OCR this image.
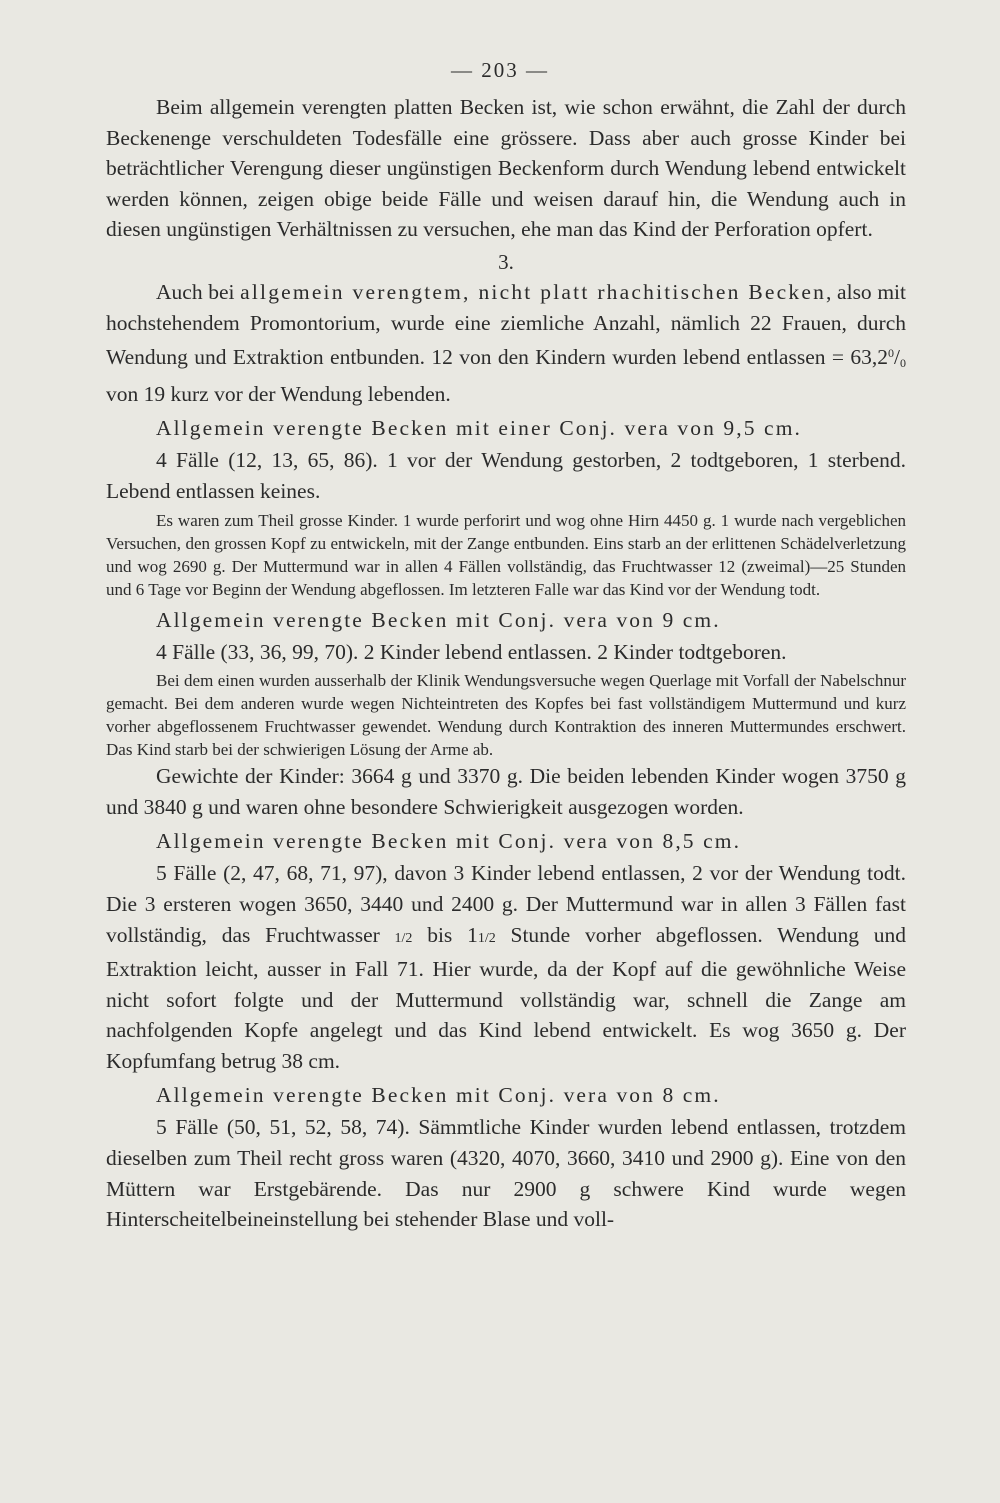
— 203 —

Beim allgemein verengten platten Becken ist, wie schon erwähnt, die Zahl der durch Beckenenge verschuldeten Todesfälle eine grössere. Dass aber auch grosse Kinder bei beträchtlicher Verengung dieser ungünstigen Beckenform durch Wendung lebend entwickelt werden können, zeigen obige beide Fälle und weisen darauf hin, die Wendung auch in diesen ungünstigen Verhältnissen zu versuchen, ehe man das Kind der Perforation opfert.

3.

Auch bei allgemein verengtem, nicht platt rhachitischen Becken, also mit hochstehendem Promontorium, wurde eine ziemliche Anzahl, nämlich 22 Frauen, durch Wendung und Extraktion entbunden. 12 von den Kindern wurden lebend entlassen = $63,2^0/_0$ von 19 kurz vor der Wendung lebenden.

Allgemein verengte Becken mit einer Conj. vera von 9,5 cm.

4 Fälle (12, 13, 65, 86). 1 vor der Wendung gestorben, 2 todtgeboren, 1 sterbend. Lebend entlassen keines.

Es waren zum Theil grosse Kinder. 1 wurde perforirt und wog ohne Hirn 4450 g. 1 wurde nach vergeblichen Versuchen, den grossen Kopf zu entwickeln, mit der Zange entbunden. Eins starb an der erlittenen Schädelverletzung und wog 2690 g. Der Muttermund war in allen 4 Fällen vollständig, das Fruchtwasser 12 (zweimal)—25 Stunden und 6 Tage vor Beginn der Wendung abgeflossen. Im letzteren Falle war das Kind vor der Wendung todt.

Allgemein verengte Becken mit Conj. vera von 9 cm.

4 Fälle (33, 36, 99, 70). 2 Kinder lebend entlassen. 2 Kinder todtgeboren.

Bei dem einen wurden ausserhalb der Klinik Wendungsversuche wegen Querlage mit Vorfall der Nabelschnur gemacht. Bei dem anderen wurde wegen Nichteintreten des Kopfes bei fast vollständigem Muttermund und kurz vorher abgeflossenem Fruchtwasser gewendet. Wendung durch Kontraktion des inneren Muttermundes erschwert. Das Kind starb bei der schwierigen Lösung der Arme ab.

Gewichte der Kinder: 3664 g und 3370 g. Die beiden lebenden Kinder wogen 3750 g und 3840 g und waren ohne besondere Schwierigkeit ausgezogen worden.

Allgemein verengte Becken mit Conj. vera von 8,5 cm.

5 Fälle (2, 47, 68, 71, 97), davon 3 Kinder lebend entlassen, 2 vor der Wendung todt. Die 3 ersteren wogen 3650, 3440 und 2400 g. Der Muttermund war in allen 3 Fällen fast vollständig, das Fruchtwasser 1/2 bis 11/2 Stunde vorher abgeflossen. Wendung und Extraktion leicht, ausser in Fall 71. Hier wurde, da der Kopf auf die gewöhnliche Weise nicht sofort folgte und der Muttermund vollständig war, schnell die Zange am nachfolgenden Kopfe angelegt und das Kind lebend entwickelt. Es wog 3650 g. Der Kopfumfang betrug 38 cm.

Allgemein verengte Becken mit Conj. vera von 8 cm.

5 Fälle (50, 51, 52, 58, 74). Sämmtliche Kinder wurden lebend entlassen, trotzdem dieselben zum Theil recht gross waren (4320, 4070, 3660, 3410 und 2900 g). Eine von den Müttern war Erstgebärende. Das nur 2900 g schwere Kind wurde wegen Hinterscheitelbeineinstellung bei stehender Blase und voll-
